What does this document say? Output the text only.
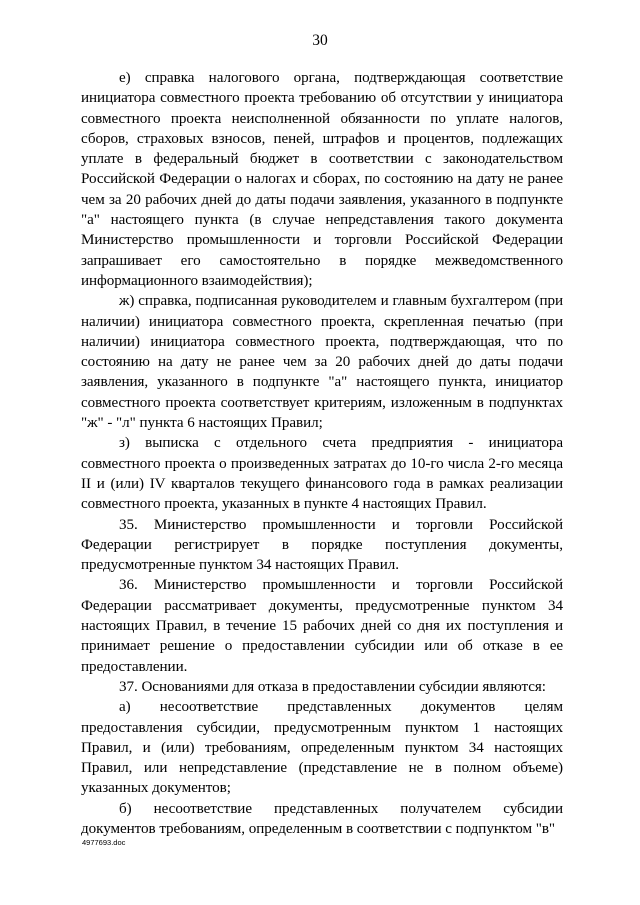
30

е) справка налогового органа, подтверждающая соответствие инициатора совместного проекта требованию об отсутствии у инициатора совместного проекта неисполненной обязанности по уплате налогов, сборов, страховых взносов, пеней, штрафов и процентов, подлежащих уплате в федеральный бюджет в соответствии с законодательством Российской Федерации о налогах и сборах, по состоянию на дату не ранее чем за 20 рабочих дней до даты подачи заявления, указанного в подпункте "а" настоящего пункта (в случае непредставления такого документа Министерство промышленности и торговли Российской Федерации запрашивает его самостоятельно в порядке межведомственного информационного взаимодействия);

ж) справка, подписанная руководителем и главным бухгалтером (при наличии) инициатора совместного проекта, скрепленная печатью (при наличии) инициатора совместного проекта, подтверждающая, что по состоянию на дату не ранее чем за 20 рабочих дней до даты подачи заявления, указанного в подпункте "а" настоящего пункта, инициатор совместного проекта соответствует критериям, изложенным в подпунктах "ж" - "л" пункта 6 настоящих Правил;

з) выписка с отдельного счета предприятия - инициатора совместного проекта о произведенных затратах до 10-го числа 2-го месяца II и (или) IV кварталов текущего финансового года в рамках реализации совместного проекта, указанных в пункте 4 настоящих Правил.

35. Министерство промышленности и торговли Российской Федерации регистрирует в порядке поступления документы, предусмотренные пунктом 34 настоящих Правил.

36. Министерство промышленности и торговли Российской Федерации рассматривает документы, предусмотренные пунктом 34 настоящих Правил, в течение 15 рабочих дней со дня их поступления и принимает решение о предоставлении субсидии или об отказе в ее предоставлении.

37. Основаниями для отказа в предоставлении субсидии являются:

а) несоответствие представленных документов целям предоставления субсидии, предусмотренным пунктом 1 настоящих Правил, и (или) требованиям, определенным пунктом 34 настоящих Правил, или непредставление (представление не в полном объеме) указанных документов;

б) несоответствие представленных получателем субсидии документов требованиям, определенным в соответствии с подпунктом "в"

4977693.doc
